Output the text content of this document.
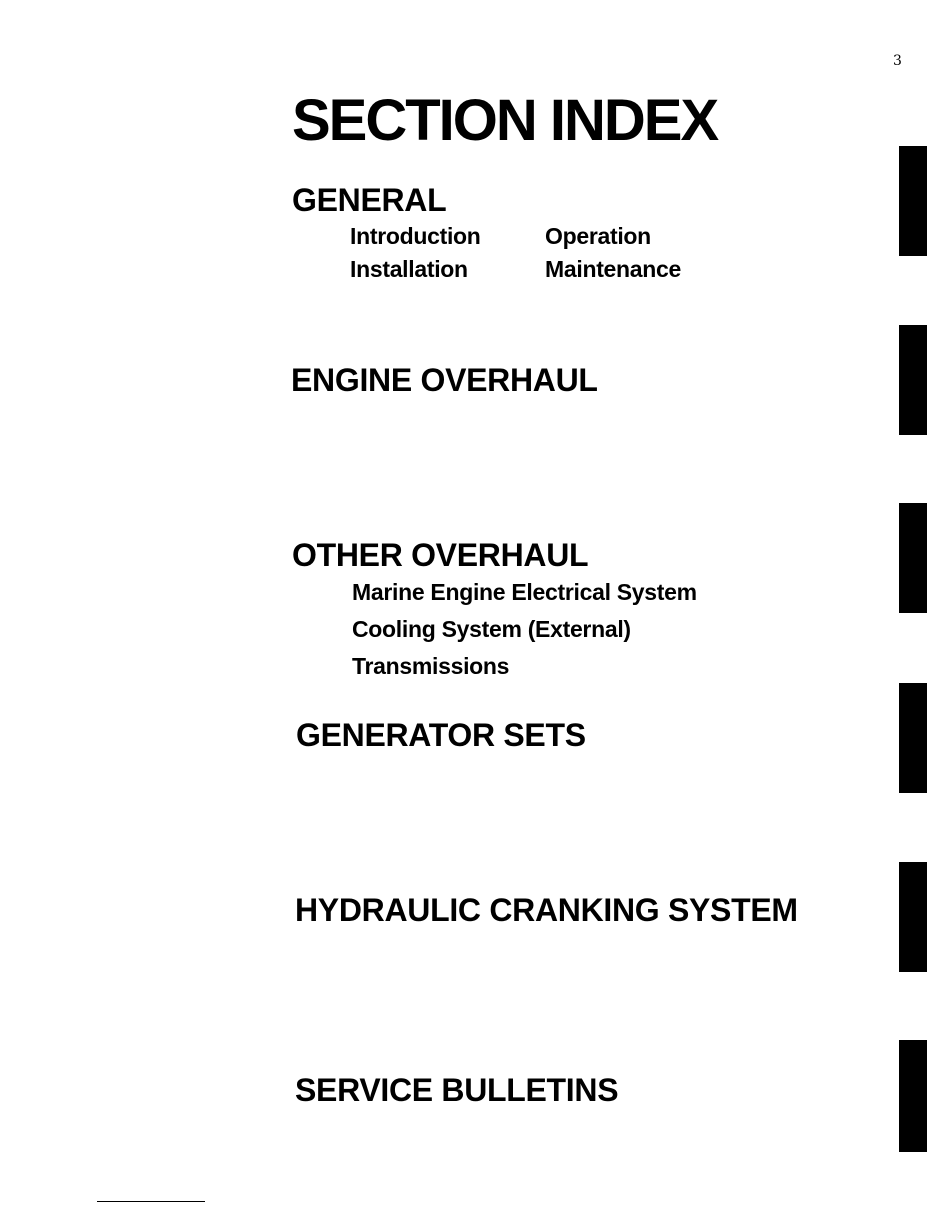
3
SECTION INDEX
GENERAL
Introduction
Installation
Operation
Maintenance
ENGINE OVERHAUL
OTHER OVERHAUL
Marine Engine Electrical System
Cooling System (External)
Transmissions
GENERATOR SETS
HYDRAULIC CRANKING SYSTEM
SERVICE BULLETINS
